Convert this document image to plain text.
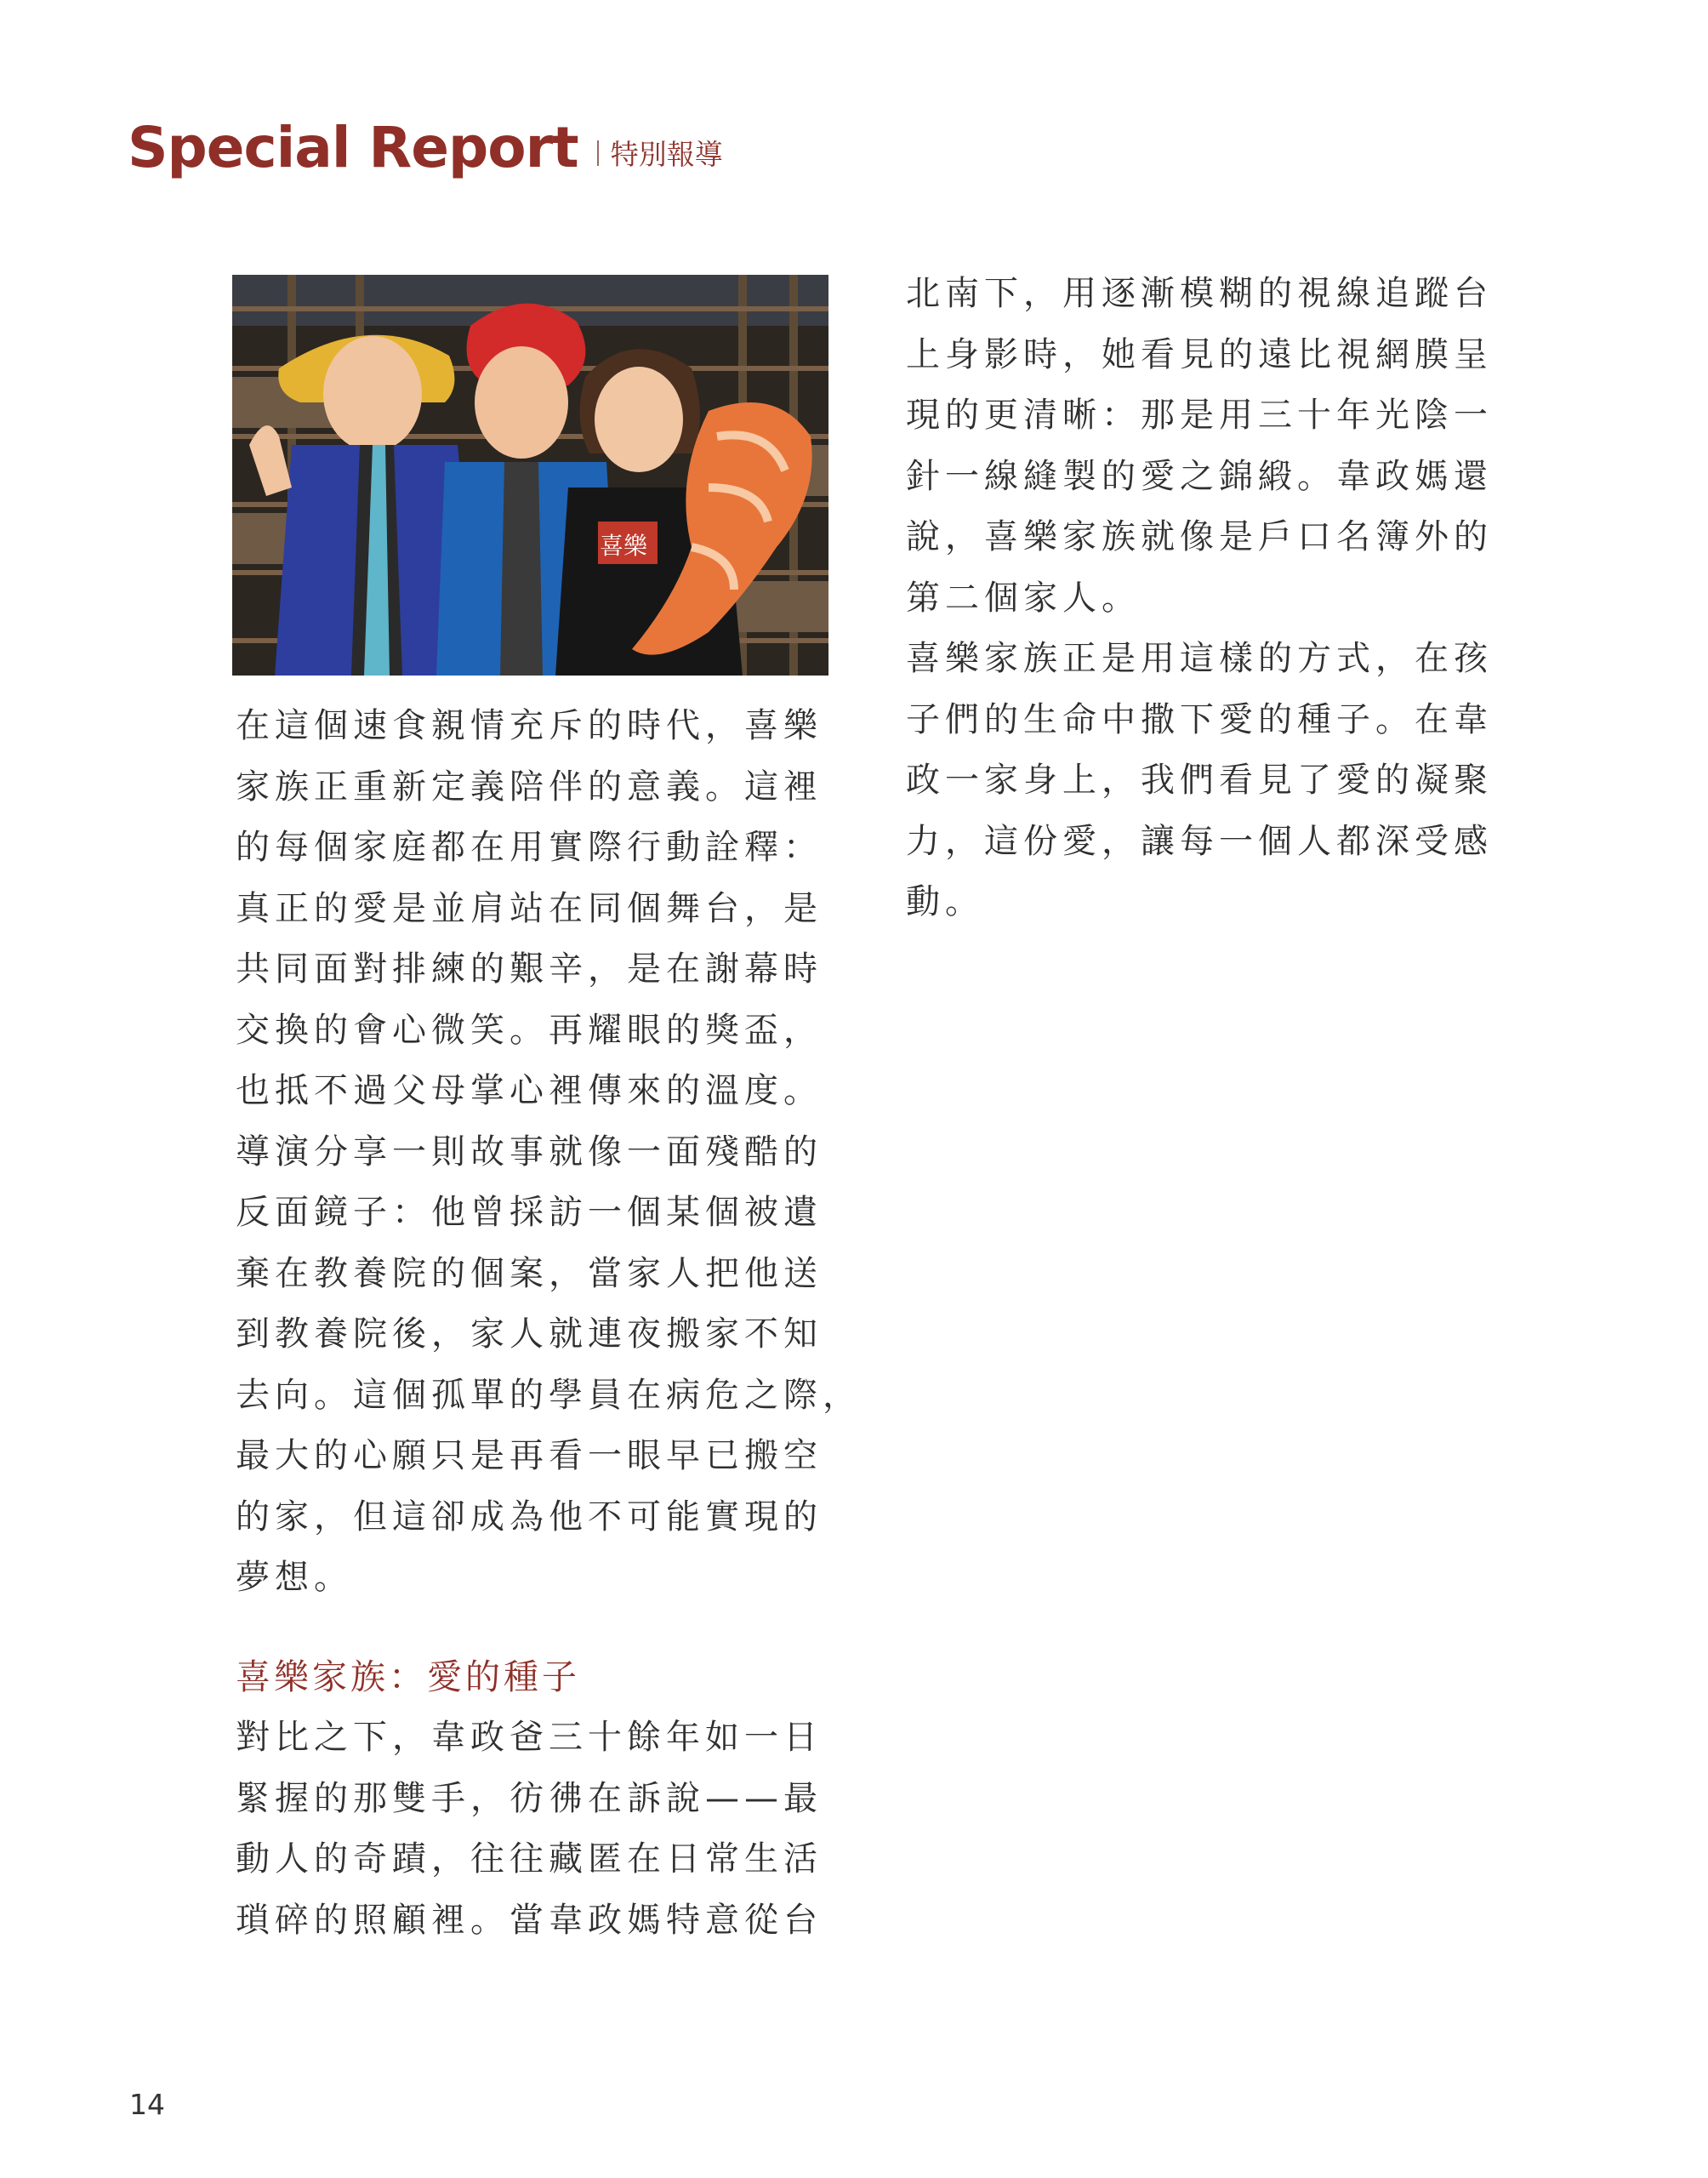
Special Report 特別報導
喜樂
在這個速食親情充斥的時代，喜樂
家族正重新定義陪伴的意義。這裡
的每個家庭都在用實際行動詮釋：
真正的愛是並肩站在同個舞台，是
共同面對排練的艱辛，是在謝幕時
交換的會心微笑。再耀眼的獎盃，
也抵不過父母掌心裡傳來的溫度。
導演分享一則故事就像一面殘酷的
反面鏡子：他曾採訪一個某個被遺
棄在教養院的個案，當家人把他送
到教養院後，家人就連夜搬家不知
去向。這個孤單的學員在病危之際，
最大的心願只是再看一眼早已搬空
的家，但這卻成為他不可能實現的
夢想。
喜樂家族：愛的種子
對比之下，韋政爸三十餘年如一日
緊握的那雙手，彷彿在訴說——最
動人的奇蹟，往往藏匿在日常生活
瑣碎的照顧裡。當韋政媽特意從台
北南下，用逐漸模糊的視線追蹤台
上身影時，她看見的遠比視網膜呈
現的更清晰：那是用三十年光陰一
針一線縫製的愛之錦緞。韋政媽還
說，喜樂家族就像是戶口名簿外的
第二個家人。
喜樂家族正是用這樣的方式，在孩
子們的生命中撒下愛的種子。在韋
政一家身上，我們看見了愛的凝聚
力，這份愛，讓每一個人都深受感
動。
14
